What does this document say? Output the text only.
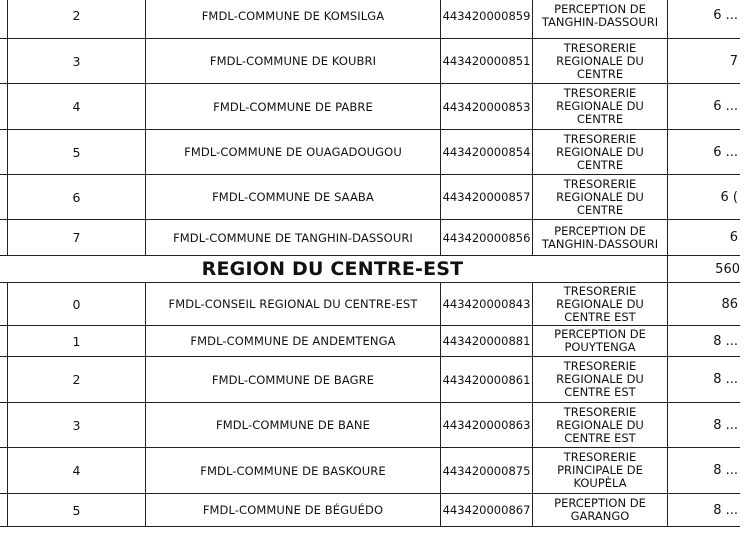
	2	FMDL-COMMUNE DE KOMSILGA	443420000859	PERCEPTION DE
TANGHIN-DASSOURI	6 ...
	3	FMDL-COMMUNE DE KOUBRI	443420000851	TRESORERIE
REGIONALE DU
CENTRE	7
	4	FMDL-COMMUNE DE PABRE	443420000853	TRESORERIE
REGIONALE DU
CENTRE	6 ...
	5	FMDL-COMMUNE DE OUAGADOUGOU	443420000854	TRESORERIE
REGIONALE DU
CENTRE	6 ...
	6	FMDL-COMMUNE DE SAABA	443420000857	TRESORERIE
REGIONALE DU
CENTRE	6 (
	7	FMDL-COMMUNE DE TANGHIN-DASSOURI	443420000856	PERCEPTION DE
TANGHIN-DASSOURI	6
REGION DU CENTRE-EST					560
	0	FMDL-CONSEIL REGIONAL DU CENTRE-EST	443420000843	TRESORERIE
REGIONALE DU
CENTRE EST	86
	1	FMDL-COMMUNE DE ANDEMTENGA	443420000881	PERCEPTION DE
POUYTENGA	8 ...
	2	FMDL-COMMUNE DE BAGRE	443420000861	TRESORERIE
REGIONALE DU
CENTRE EST	8 ...
	3	FMDL-COMMUNE DE BANE	443420000863	TRESORERIE
REGIONALE DU
CENTRE EST	8 ...
	4	FMDL-COMMUNE DE BASKOURE	443420000875	TRESORERIE
PRINCIPALE DE
KOUPÈLA	8 ...
	5	FMDL-COMMUNE DE BÉGUÉDO	443420000867	PERCEPTION DE
GARANGO	8 ...
